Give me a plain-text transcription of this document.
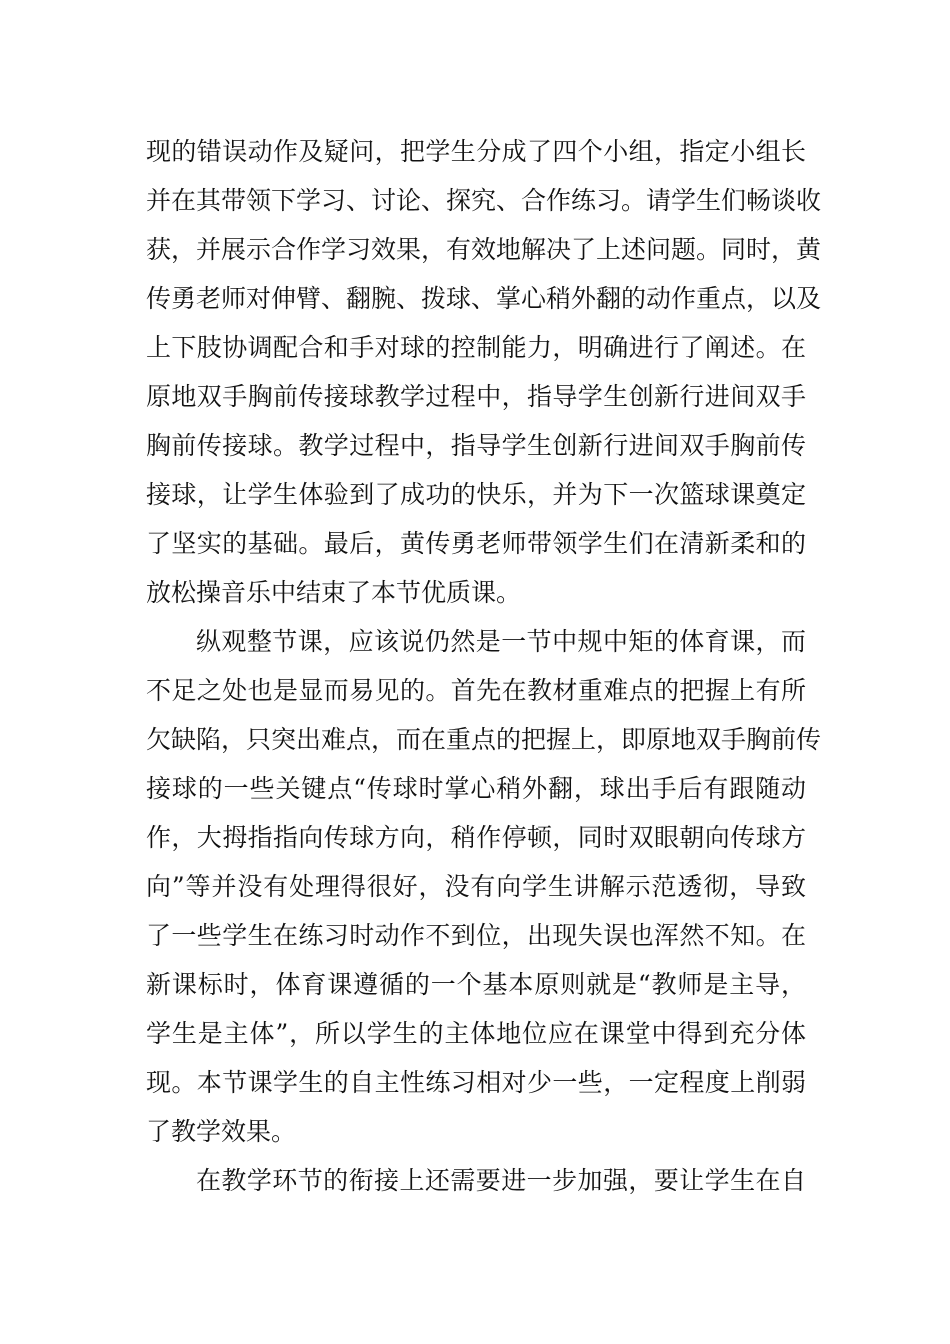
现的错误动作及疑问，把学生分成了四个小组，指定小组长
并在其带领下学习、讨论、探究、合作练习。请学生们畅谈收
获，并展示合作学习效果，有效地解决了上述问题。同时，黄
传勇老师对伸臂、翻腕、拨球、掌心稍外翻的动作重点，以及
上下肢协调配合和手对球的控制能力，明确进行了阐述。在
原地双手胸前传接球教学过程中，指导学生创新行进间双手
胸前传接球。教学过程中，指导学生创新行进间双手胸前传
接球，让学生体验到了成功的快乐，并为下一次篮球课奠定
了坚实的基础。最后，黄传勇老师带领学生们在清新柔和的
放松操音乐中结束了本节优质课。
纵观整节课，应该说仍然是一节中规中矩的体育课，而
不足之处也是显而易见的。首先在教材重难点的把握上有所
欠缺陷，只突出难点，而在重点的把握上，即原地双手胸前传
接球的一些关键点“传球时掌心稍外翻，球出手后有跟随动
作，大拇指指向传球方向，稍作停顿，同时双眼朝向传球方
向”等并没有处理得很好，没有向学生讲解示范透彻，导致
了一些学生在练习时动作不到位，出现失误也浑然不知。在
新课标时，体育课遵循的一个基本原则就是“教师是主导，
学生是主体”，所以学生的主体地位应在课堂中得到充分体
现。本节课学生的自主性练习相对少一些，一定程度上削弱
了教学效果。
在教学环节的衔接上还需要进一步加强，要让学生在自
